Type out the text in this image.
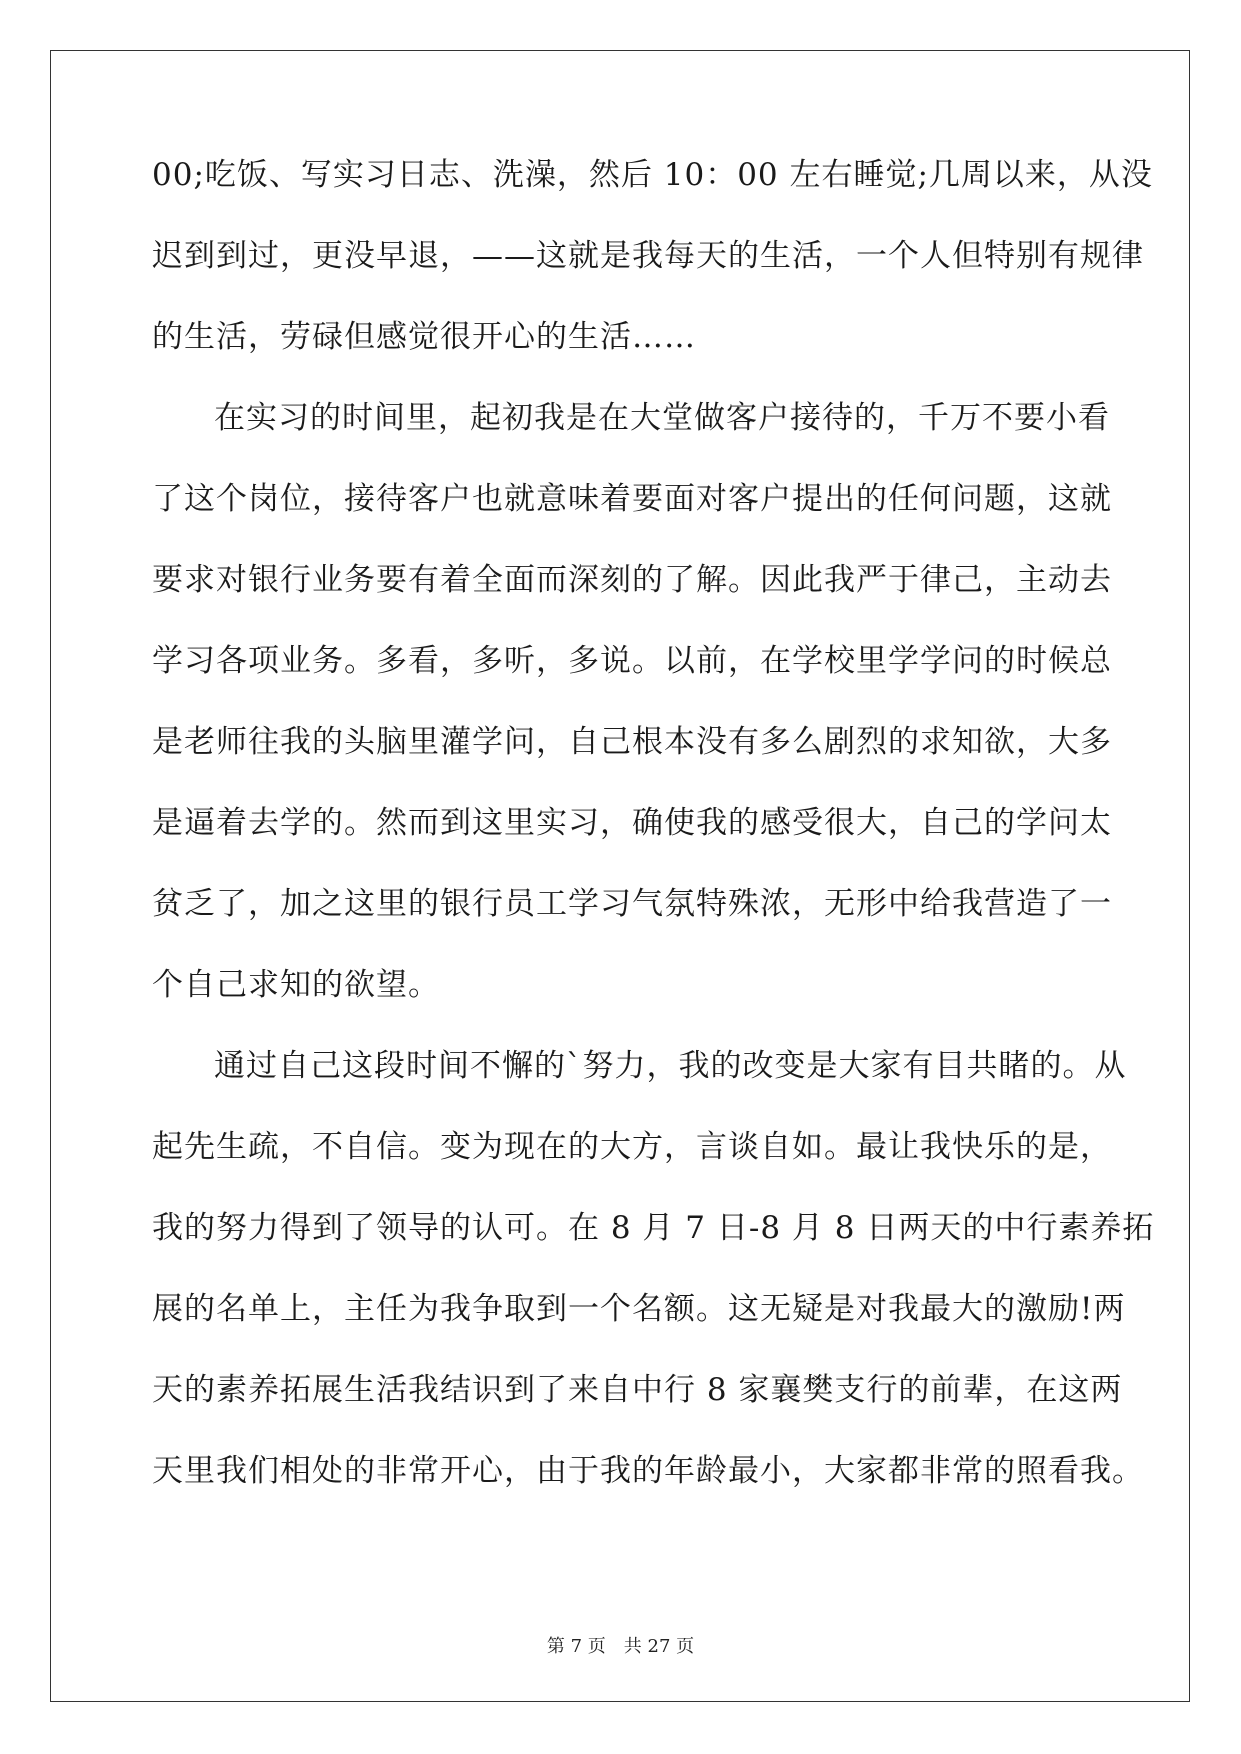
00;吃饭、写实习日志、洗澡，然后 10：00 左右睡觉;几周以来，从没
迟到到过，更没早退，——这就是我每天的生活，一个人但特别有规律
的生活，劳碌但感觉很开心的生活……
在实习的时间里，起初我是在大堂做客户接待的，千万不要小看
了这个岗位，接待客户也就意味着要面对客户提出的任何问题，这就
要求对银行业务要有着全面而深刻的了解。因此我严于律己，主动去
学习各项业务。多看，多听，多说。以前，在学校里学学问的时候总
是老师往我的头脑里灌学问，自己根本没有多么剧烈的求知欲，大多
是逼着去学的。然而到这里实习，确使我的感受很大，自己的学问太
贫乏了，加之这里的银行员工学习气氛特殊浓，无形中给我营造了一
个自己求知的欲望。
通过自己这段时间不懈的`努力，我的改变是大家有目共睹的。从
起先生疏，不自信。变为现在的大方，言谈自如。最让我快乐的是，
我的努力得到了领导的认可。在 8 月 7 日-8 月 8 日两天的中行素养拓
展的名单上，主任为我争取到一个名额。这无疑是对我最大的激励!两
天的素养拓展生活我结识到了来自中行 8 家襄樊支行的前辈，在这两
天里我们相处的非常开心，由于我的年龄最小，大家都非常的照看我。
第 7 页　共 27 页
